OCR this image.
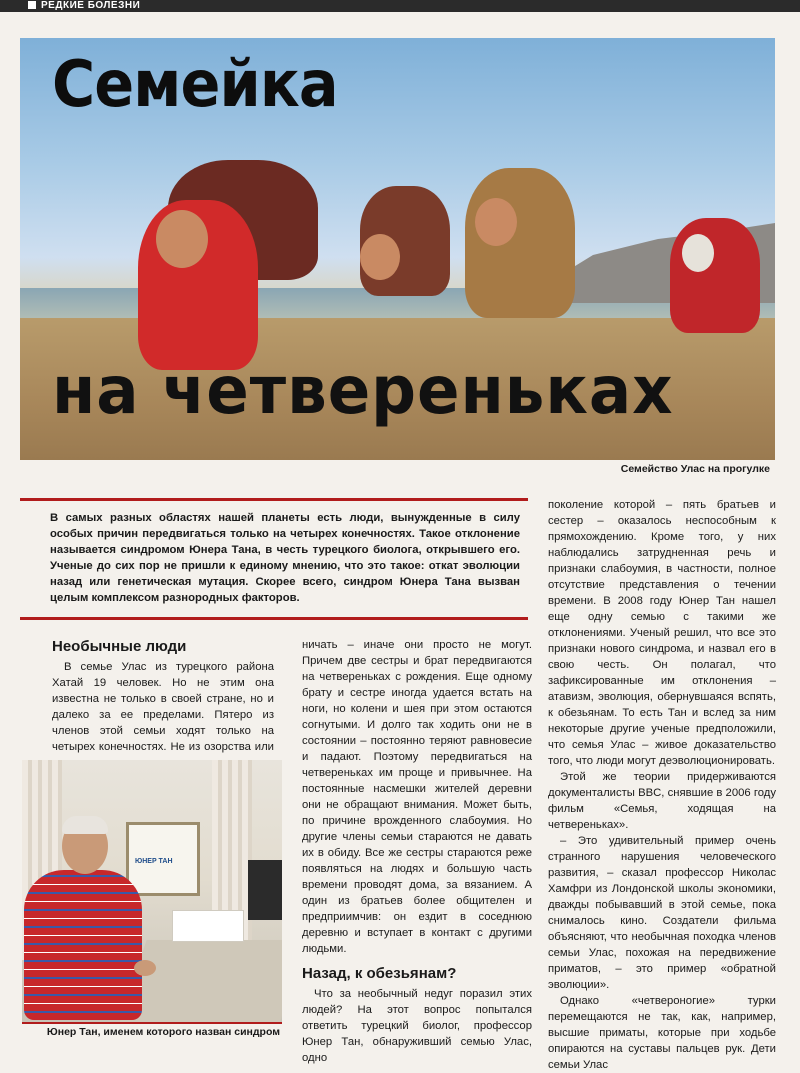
РЕДКИЕ БОЛЕЗНИ
Семейка
на четвереньках
Семейство Улас на прогулке

В самых разных областях нашей планеты есть люди, вынужденные в силу особых причин передвигаться только на четырех конечностях. Такое отклонение называется синдромом Юнера Тана, в честь турецкого биолога, открывшего его. Ученые до сих пор не пришли к единому мнению, что это такое: откат эволюции назад или генетическая мутация. Скорее всего, синдром Юнера Тана вызван целым комплексом разнородных факторов.

Необычные люди

В семье Улас из турецкого района Хатай 19 человек. Но не этим она известна не только в своей стране, но и далеко за ее пределами. Пятеро из членов этой семьи ходят только на четырех конечностях. Не из озорства или

ЮНЕР ТАН
Юнер Тан, именем которого назван синдром

ничать – иначе они просто не могут. Причем две сестры и брат передвигаются на четвереньках с рождения. Еще одному брату и сестре иногда удается встать на ноги, но колени и шея при этом остаются согнутыми. И долго так ходить они не в состоянии – постоянно теряют равновесие и падают. Поэтому передвигаться на четвереньках им проще и привычнее. На постоянные насмешки жителей деревни они не обращают внимания. Может быть, по причине врожденного слабоумия. Но другие члены семьи стараются не давать их в обиду. Все же сестры стараются реже появляться на людях и большую часть времени проводят дома, за вязанием. А один из братьев более общителен и предприимчив: он ездит в соседнюю деревню и вступает в контакт с другими людьми.

Назад, к обезьянам?

Что за необычный недуг поразил этих людей? На этот вопрос попытался ответить турецкий биолог, профессор Юнер Тан, обнаруживший семью Улас, одно

поколение которой – пять братьев и сестер – оказалось неспособным к прямохождению. Кроме того, у них наблюдались затрудненная речь и признаки слабоумия, в частности, полное отсутствие представления о течении времени. В 2008 году Юнер Тан нашел еще одну семью с такими же отклонениями. Ученый решил, что все это признаки нового синдрома, и назвал его в свою честь. Он полагал, что зафиксированные им отклонения – атавизм, эволюция, обернувшаяся вспять, к обезьянам. То есть Тан и вслед за ним некоторые другие ученые предположили, что семья Улас – живое доказательство того, что люди могут деэволюционировать.

Этой же теории придерживаются документалисты BBC, снявшие в 2006 году фильм «Семья, ходящая на четвереньках».

– Это удивительный пример очень странного нарушения человеческого развития, – сказал профессор Николас Хамфри из Лондонской школы экономики, дважды побывавший в этой семье, пока снималось кино. Создатели фильма объясняют, что необычная походка членов семьи Улас, похожая на передвижение приматов, – это пример «обратной эволюции».

Однако «четвероногие» турки перемещаются не так, как, например, высшие приматы, которые при ходьбе опираются на суставы пальцев рук. Дети семьи Улас
